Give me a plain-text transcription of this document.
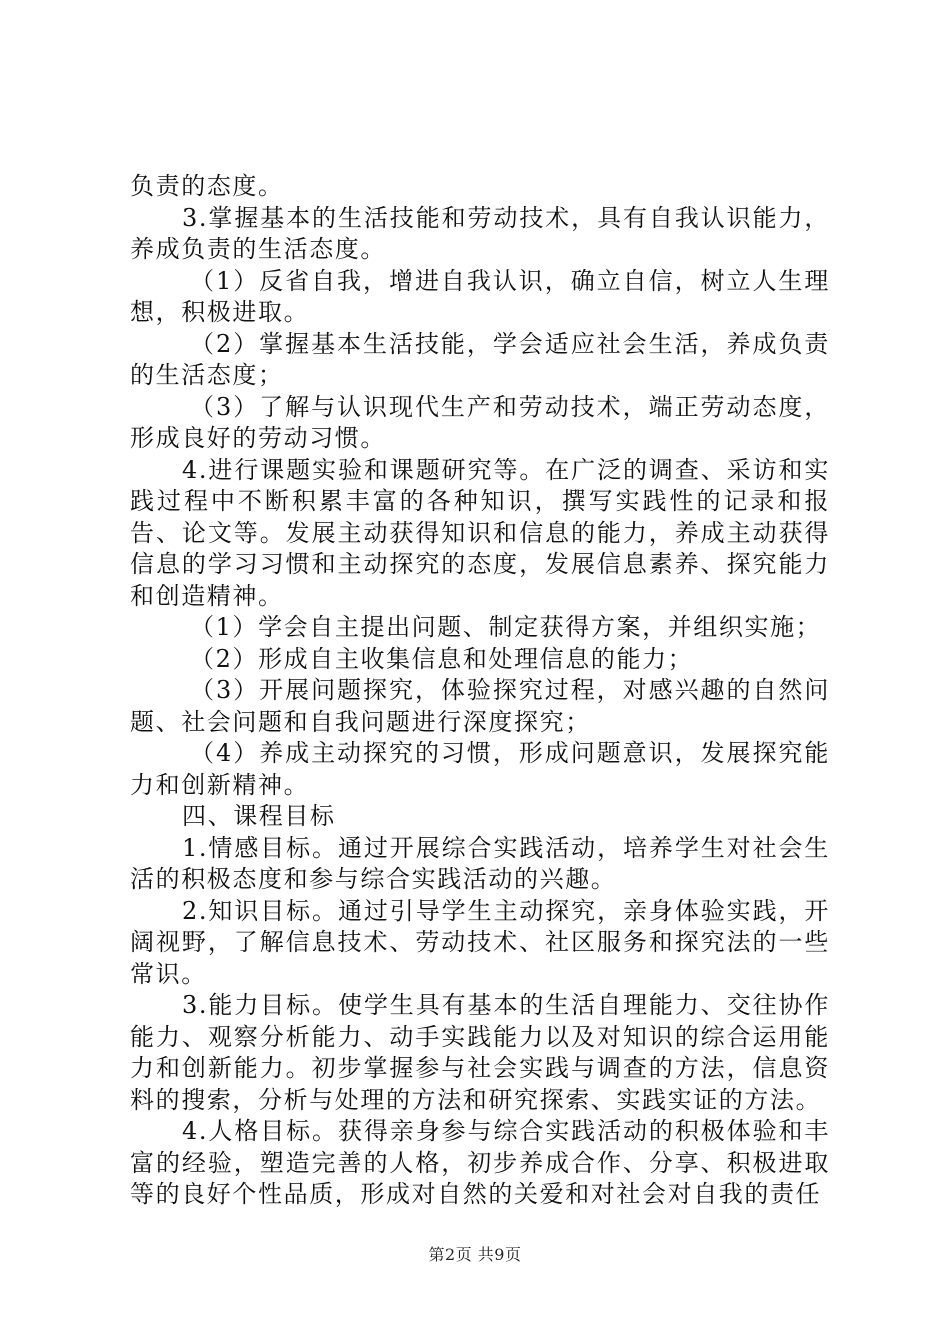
负责的态度。

3.掌握基本的生活技能和劳动技术，具有自我认识能力，养成负责的生活态度。

（1）反省自我，增进自我认识，确立自信，树立人生理想，积极进取。

（2）掌握基本生活技能，学会适应社会生活，养成负责的生活态度；

（3）了解与认识现代生产和劳动技术，端正劳动态度，形成良好的劳动习惯。

4.进行课题实验和课题研究等。在广泛的调查、采访和实践过程中不断积累丰富的各种知识，撰写实践性的记录和报告、论文等。发展主动获得知识和信息的能力，养成主动获得信息的学习习惯和主动探究的态度，发展信息素养、探究能力和创造精神。

（1）学会自主提出问题、制定获得方案，并组织实施；

（2）形成自主收集信息和处理信息的能力；

（3）开展问题探究，体验探究过程，对感兴趣的自然问题、社会问题和自我问题进行深度探究；

（4）养成主动探究的习惯，形成问题意识，发展探究能力和创新精神。

四、课程目标

1.情感目标。通过开展综合实践活动，培养学生对社会生活的积极态度和参与综合实践活动的兴趣。

2.知识目标。通过引导学生主动探究，亲身体验实践，开阔视野，了解信息技术、劳动技术、社区服务和探究法的一些常识。

3.能力目标。使学生具有基本的生活自理能力、交往协作能力、观察分析能力、动手实践能力以及对知识的综合运用能力和创新能力。初步掌握参与社会实践与调查的方法，信息资料的搜索，分析与处理的方法和研究探索、实践实证的方法。

4.人格目标。获得亲身参与综合实践活动的积极体验和丰富的经验，塑造完善的人格，初步养成合作、分享、积极进取等的良好个性品质，形成对自然的关爱和对社会对自我的责任

第2页 共9页
